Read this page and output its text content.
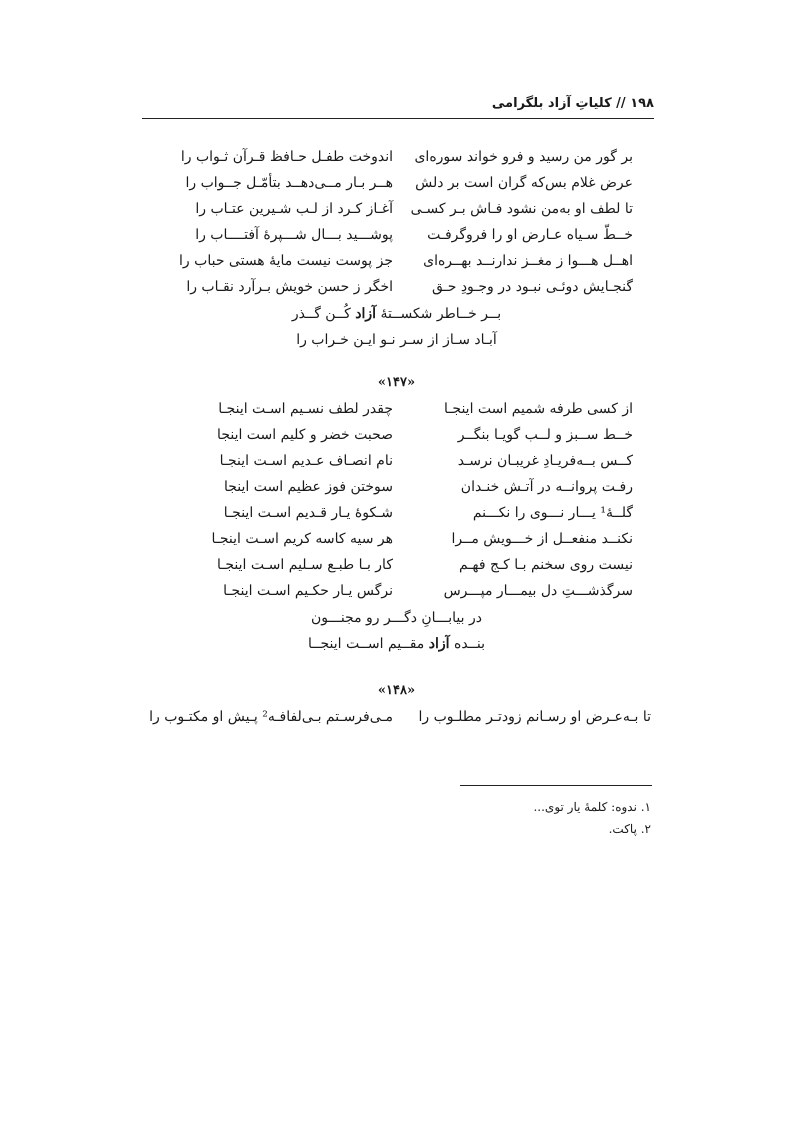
۱۹۸ // کلیاتِ آزاد بلگرامی
بر گور من رسید و فرو خواند سوره‌ای
اندوخت طفـل حـافظ قـرآن ثـواب را
عرض غلام بس‌که گران است بر دلش
هــر بـار مــی‌دهــد بتأمّـل جــواب را
تا لطف او به‌من نشود فـاش بـر کسـی
آغـاز کـرد از لـب شـیرین عتـاب را
خــطّ سـیاه عـارض او را فروگرفـت
پوشـــید بـــال شـــپرهٔ آفتــــاب را
اهــل هـــوا ز مغــز ندارنــد بهــره‌ای
جز پوست نیست مایهٔ هستی حباب را
گنجـایش دوئـی نبـود در وجـودِ حـق
اخگر ز حسن خویش بـرآرد نقـاب را
بــر خــاطر شکســتهٔ آزاد کُــن گــذر
آبـاد سـاز از سـر نـو ایـن خـراب را
«۱۴۷»
از کسی طرفه شمیم است اینجـا
چقدر لطف نسـیم اسـت اینجـا
خــط ســبز و لــب گویـا بنگــر
صحبت خضر و کلیم است اینجا
کــس بــه‌فریـادِ غریبـان نرسـد
نام انصـاف عـدیم اسـت اینجـا
رفـت پروانــه در آتـش خنـدان
سوختن فوز عظیم است اینجا
گلــهٔ¹ یـــار نـــوی را نکـــنم
شـکوهٔ یـار قـدیم اسـت اینجـا
نکنــد منفعــل از خـــویش مــرا
هر سیه کاسه کریم اسـت اینجـا
نیست روی سخنم بـا کـج فهـم
کار بـا طبـع سـلیم اسـت اینجـا
سرگذشـــتِ دل بیمـــار مپـــرس
نرگس یـار حکـیم اسـت اینجـا
در بیابـــانِ دگـــر رو مجنـــون
بنــده آزاد مقــیم اســت اینجــا
«۱۴۸»
تا بـه‌عـرض او رسـانم زودتـر مطلـوب را
مـی‌فرسـتم بـی‌لفافـه² پـیش او مکتـوب را
۱. ندوه: کلمهٔ یار توی...
۲. پاکت.
